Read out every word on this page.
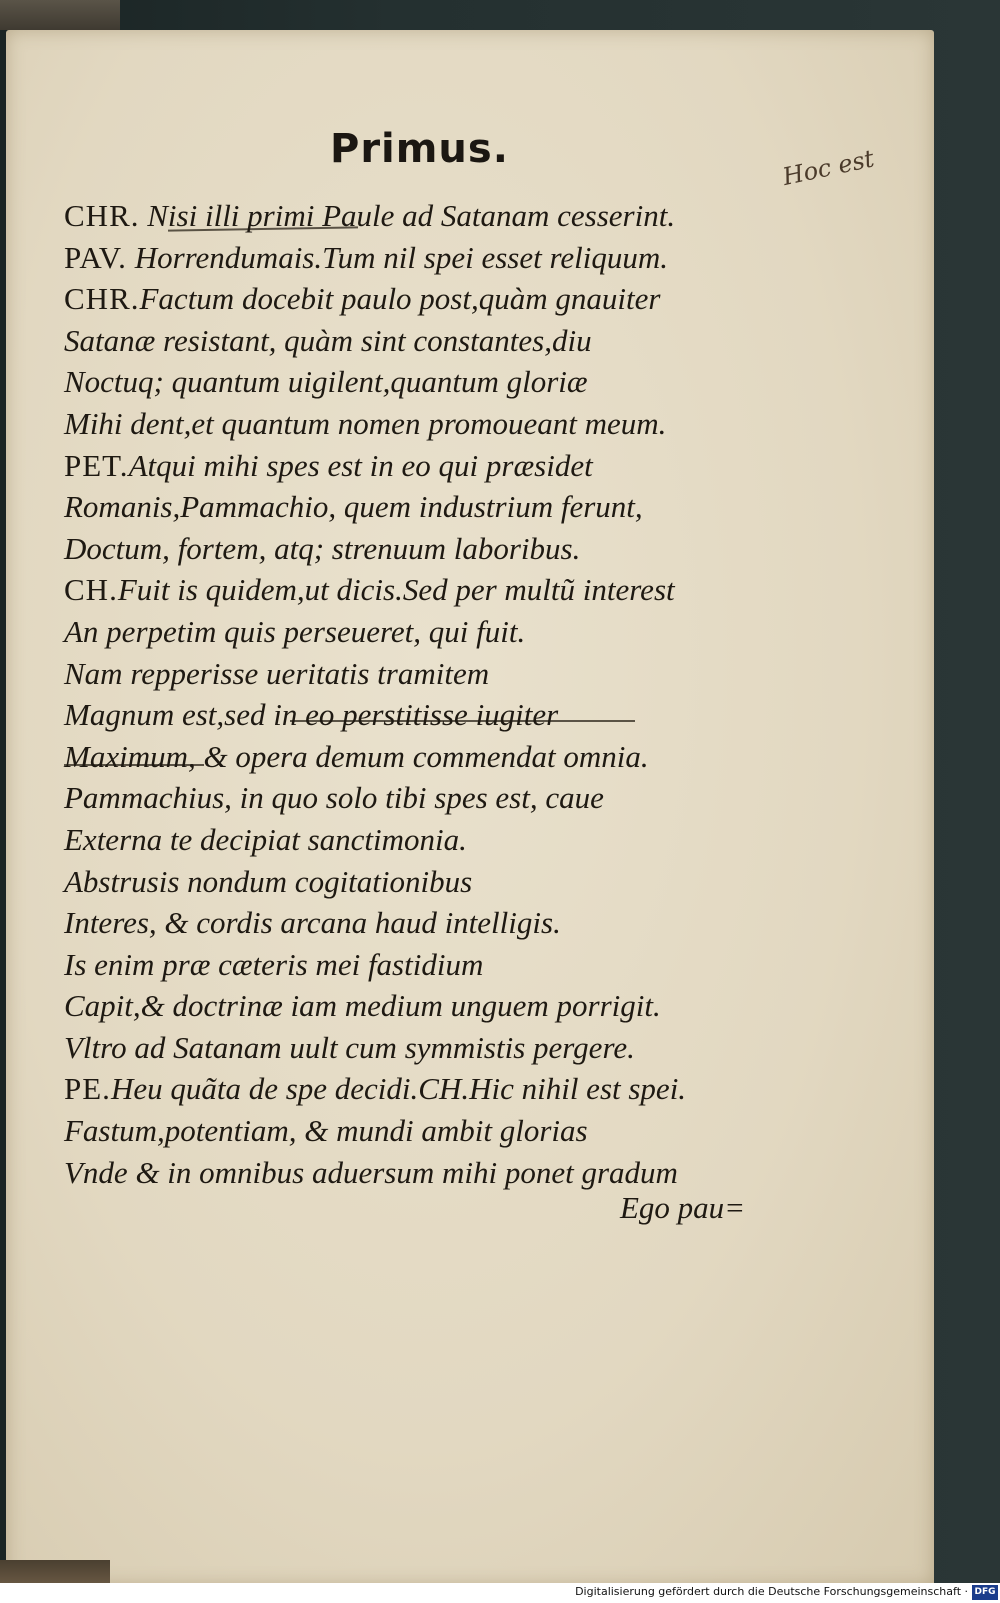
Primus.	Hoc est
CHR. Nisi illi primi Paule ad Satanam cesserint.
PAV. Horrendumais.Tum nil spei esset reliquum.
CHR.Factum docebit paulo post,quàm gnauiter
Satanæ resistant, quàm sint constantes,diu
Noctuq; quantum uigilent,quantum gloriæ
Mihi dent,et quantum nomen promoueant meum.
PET.Atqui mihi spes est in eo qui præsidet
Romanis,Pammachio, quem industrium ferunt,
Doctum, fortem, atq; strenuum laboribus.
CH.Fuit is quidem,ut dicis.Sed per multũ interest
An perpetim quis perseueret, qui fuit.
Nam repperisse ueritatis tramitem
Magnum est,sed in eo perstitisse iugiter
Maximum, & opera demum commendat omnia.
Pammachius, in quo solo tibi spes est, caue
Externa te decipiat sanctimonia.
Abstrusis nondum cogitationibus
Interes, & cordis arcana haud intelligis.
Is enim præ cæteris mei fastidium
Capit,& doctrinæ iam medium unguem porrigit.
Vltro ad Satanam uult cum symmistis pergere.
PE.Heu quãta de spe decidi.CH.Hic nihil est spei.
Fastum,potentiam, & mundi ambit glorias
Vnde & in omnibus aduersum mihi ponet gradum
Ego pau=
Digitalisierung gefördert durch die Deutsche Forschungsgemeinschaft · DFG
